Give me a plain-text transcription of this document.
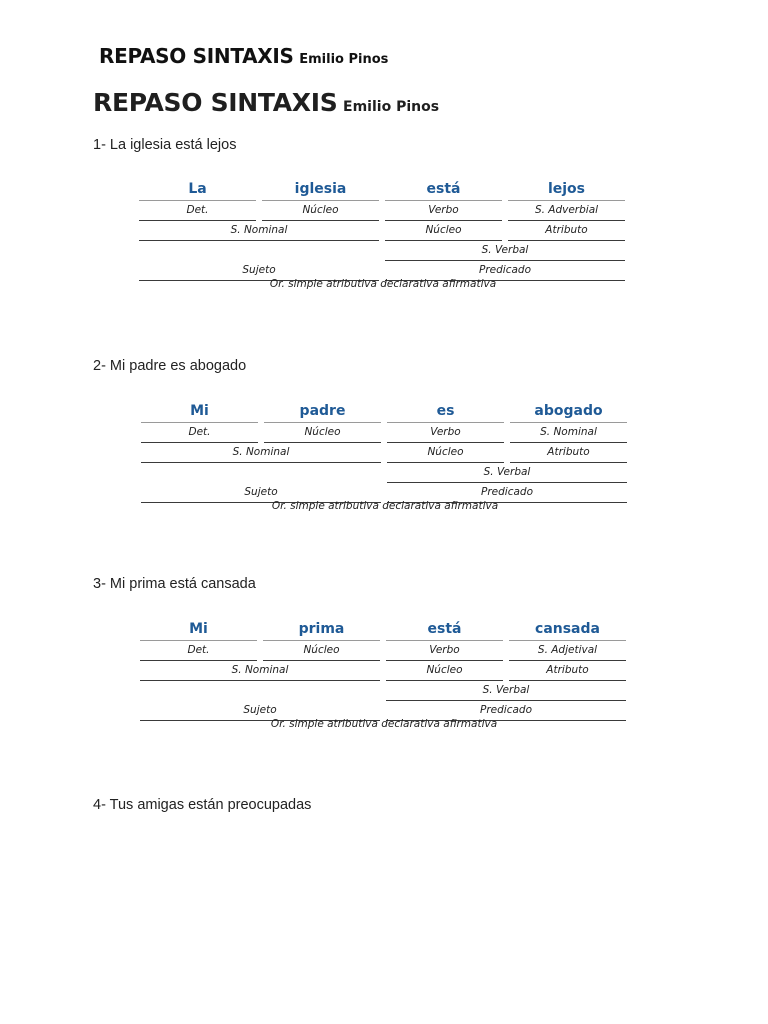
REPASO SINTAXIS Emilio Pinos
REPASO SINTAXIS Emilio Pinos
1- La iglesia está lejos
La	iglesia	está	lejos
Det.	Núcleo	Verbo	S. Adverbial
S. Nominal	Núcleo	Atributo
S. Verbal
Sujeto	Predicado
Or. simple atributiva declarativa afirmativa
2- Mi padre es abogado
Mi	padre	es	abogado
Det.	Núcleo	Verbo	S. Nominal
S. Nominal	Núcleo	Atributo
S. Verbal
Sujeto	Predicado
Or. simple atributiva declarativa afirmativa
3- Mi prima está cansada
Mi	prima	está	cansada
Det.	Núcleo	Verbo	S. Adjetival
S. Nominal	Núcleo	Atributo
S. Verbal
Sujeto	Predicado
Or. simple atributiva declarativa afirmativa
4- Tus amigas están preocupadas
